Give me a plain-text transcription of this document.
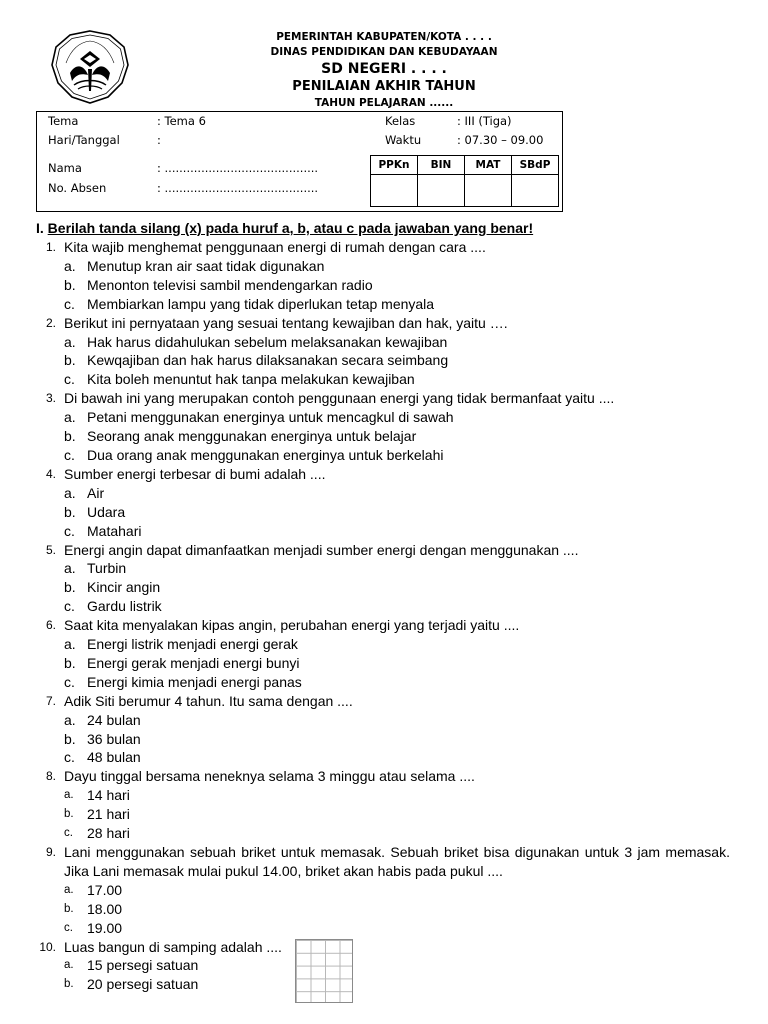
PEMERINTAH KABUPATEN/KOTA . . . .
DINAS PENDIDIKAN DAN KEBUDAYAAN
SD NEGERI . . . .
PENILAIAN AKHIR TAHUN
TAHUN PELAJARAN ......
Tema	: Tema 6
Hari/Tanggal	:
Nama	: ..........................................
No. Absen	: ..........................................
Kelas	: III (Tiga)
Waktu	: 07.30 – 09.00
PPKn	BIN	MAT	SBdP

I. Berilah tanda silang (x) pada huruf a, b, atau c pada jawaban yang benar!
1. Kita wajib menghemat penggunaan energi di rumah dengan cara ....
a. Menutup kran air saat tidak digunakan
b. Menonton televisi sambil mendengarkan radio
c. Membiarkan lampu yang tidak diperlukan tetap menyala
2. Berikut ini pernyataan yang sesuai tentang kewajiban dan hak, yaitu ….
a. Hak harus didahulukan sebelum melaksanakan kewajiban
b. Kewqajiban dan hak harus dilaksanakan secara seimbang
c. Kita boleh menuntut hak tanpa melakukan kewajiban
3. Di bawah ini yang merupakan contoh penggunaan energi yang tidak bermanfaat yaitu ....
a. Petani menggunakan energinya untuk mencagkul di sawah
b. Seorang anak menggunakan energinya untuk belajar
c. Dua orang anak menggunakan energinya untuk berkelahi
4. Sumber energi terbesar di bumi adalah ....
a. Air
b. Udara
c. Matahari
5. Energi angin dapat dimanfaatkan menjadi sumber energi dengan menggunakan ....
a. Turbin
b. Kincir angin
c. Gardu listrik
6. Saat kita menyalakan kipas angin, perubahan energi yang terjadi yaitu ....
a. Energi listrik menjadi energi gerak
b. Energi gerak menjadi energi bunyi
c. Energi kimia menjadi energi panas
7. Adik Siti berumur 4 tahun. Itu sama dengan ....
a. 24 bulan
b. 36 bulan
c. 48 bulan
8. Dayu tinggal bersama neneknya selama 3 minggu atau selama ....
a. 14 hari
b. 21 hari
c. 28 hari
9. Lani menggunakan sebuah briket untuk memasak. Sebuah briket bisa digunakan untuk 3 jam memasak. Jika Lani memasak mulai pukul 14.00, briket akan habis pada pukul ....
a. 17.00
b. 18.00
c. 19.00
10. Luas bangun di samping adalah ....
a. 15 persegi satuan
b. 20 persegi satuan
